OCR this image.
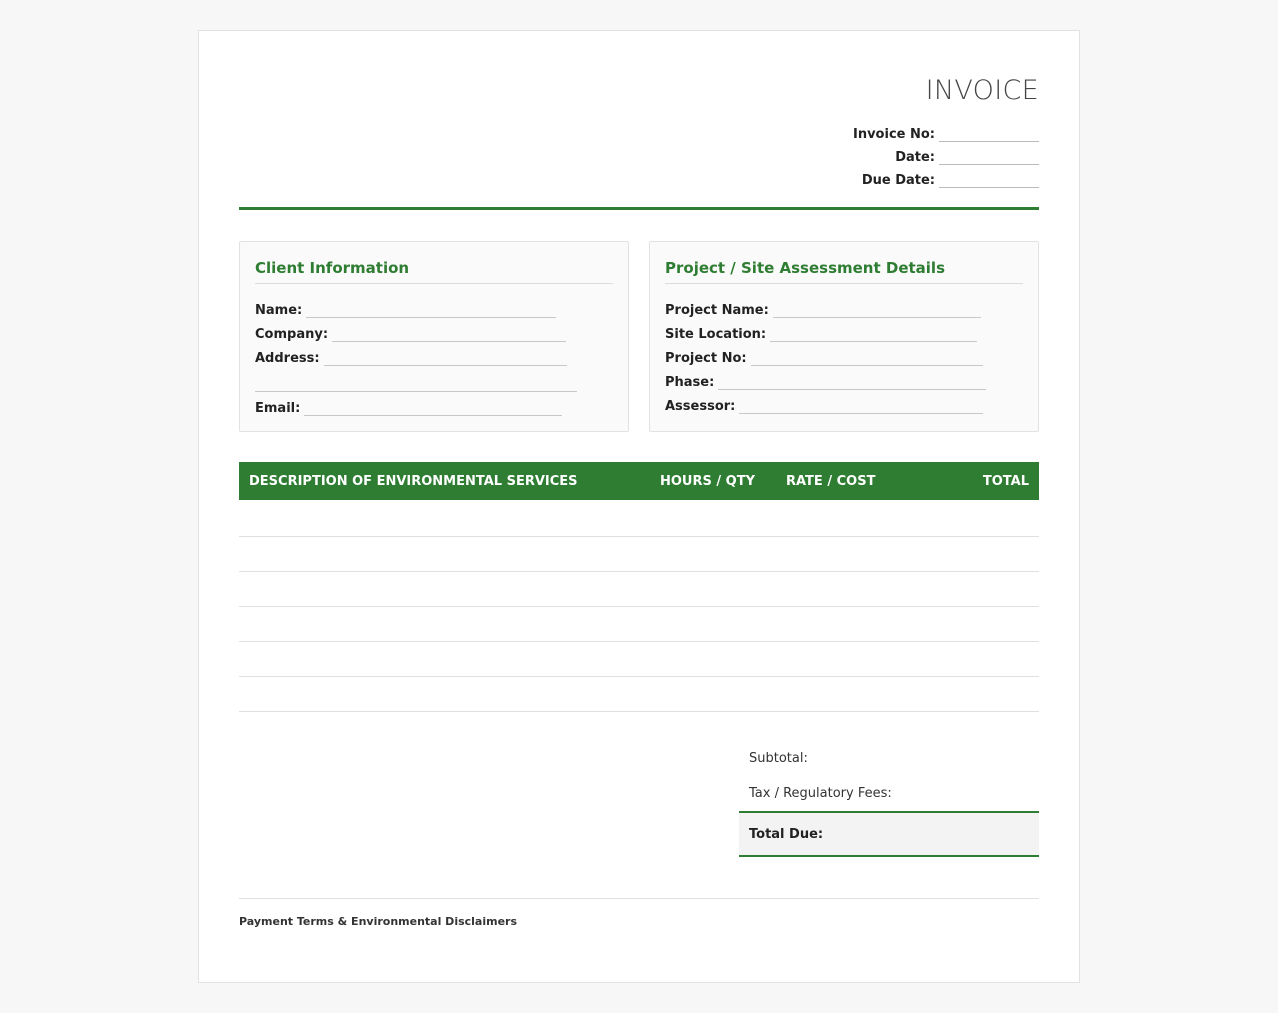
INVOICE
Invoice No:
Date:
Due Date:
Client Information
Name:
Company:
Address:
Email:
Project / Site Assessment Details
Project Name:
Site Location:
Project No:
Phase:
Assessor:
DESCRIPTION OF ENVIRONMENTAL SERVICES	HOURS / QTY RATE / COST	TOTAL
Subtotal:
Tax / Regulatory Fees:
Total Due:
Payment Terms & Environmental Disclaimers
